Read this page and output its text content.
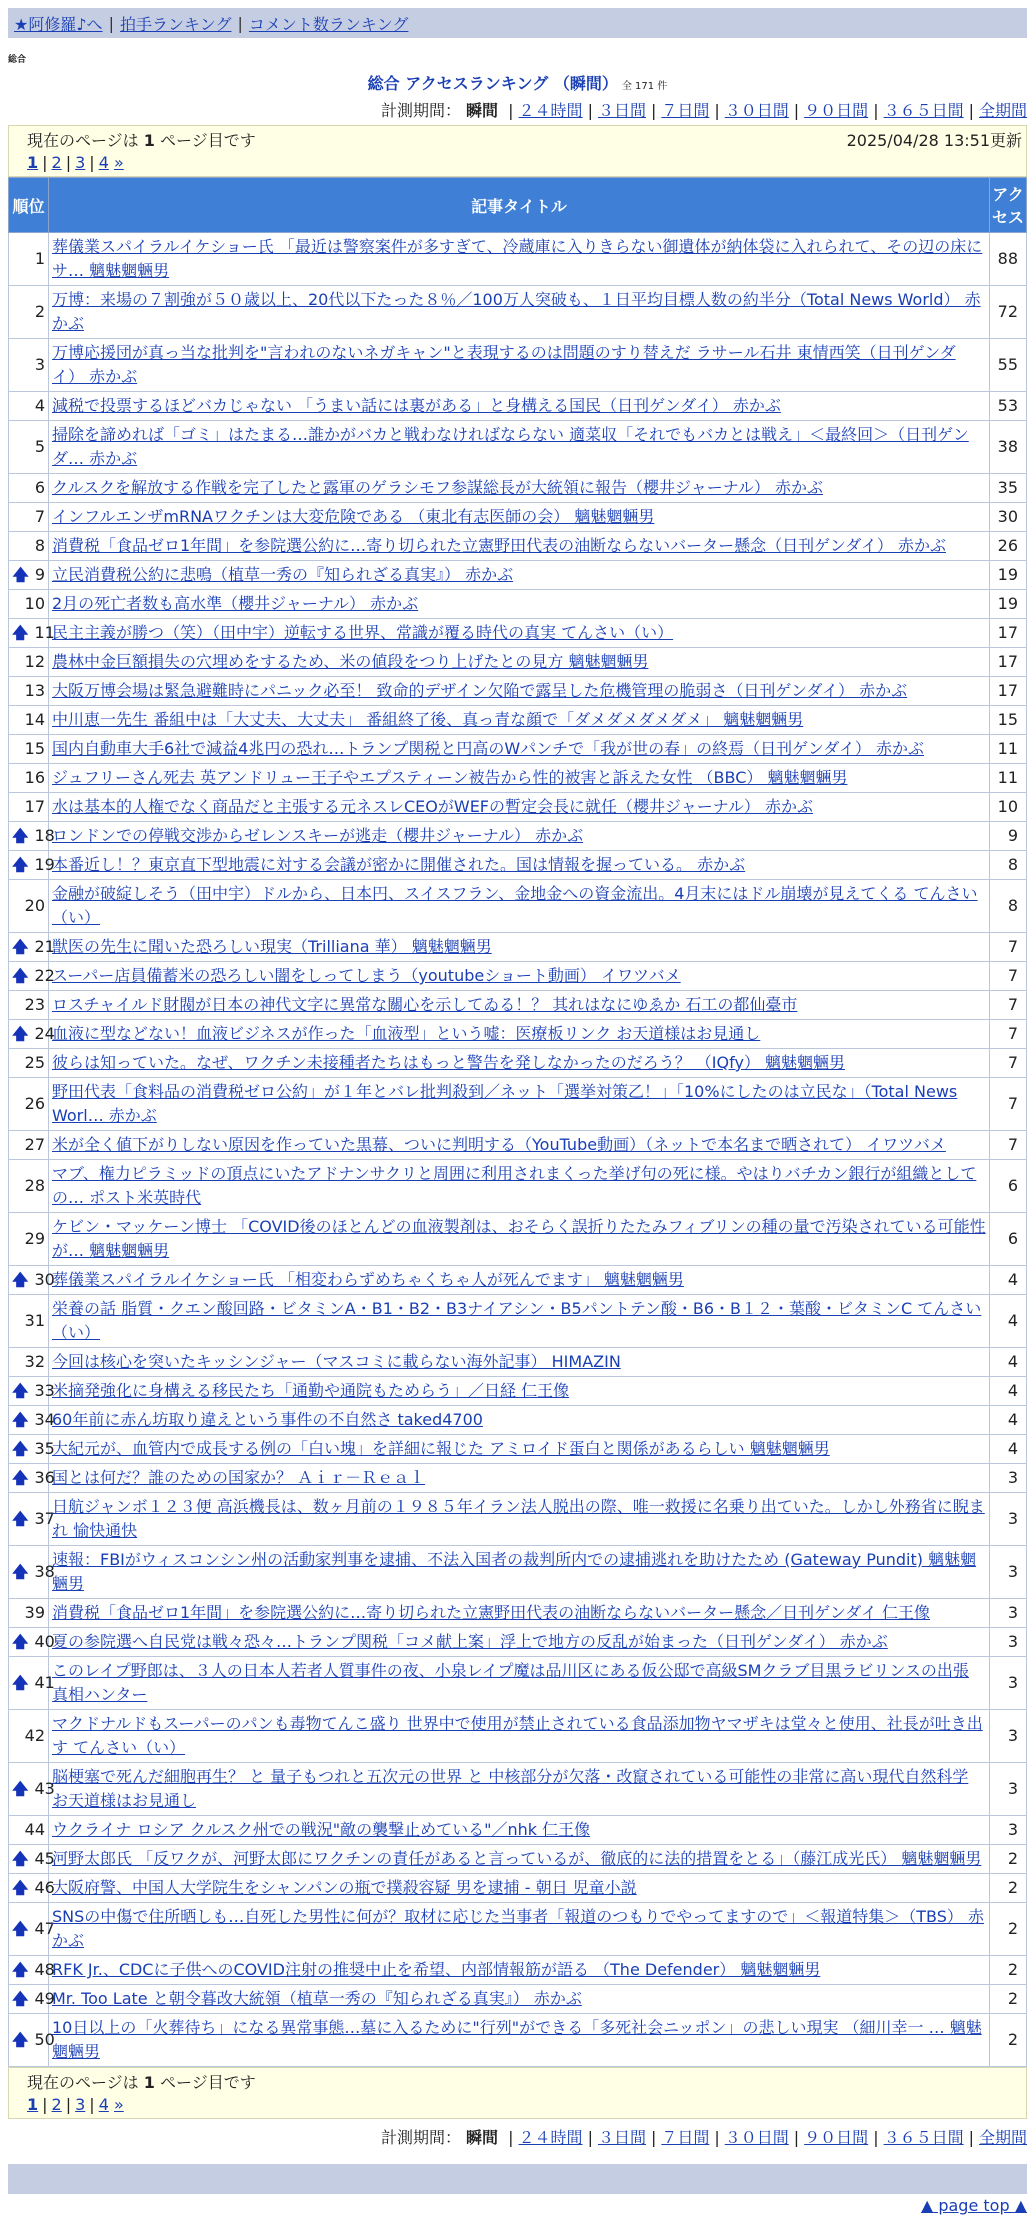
★阿修羅♪へ | 拍手ランキング | コメント数ランキング
総合
総合 アクセスランキング （瞬間） 全 171 件
計測期間： 瞬間 | ２４時間 | ３日間 | ７日間 | ３０日間 | ９０日間 | ３６５日間 | 全期間
現在のページは 1 ページ目です	2025/04/28 13:51更新
1 | 2 | 3 | 4 »
順位	記事タイトル	アクセス
1	葬儀業スパイラルイケショー氏 「最近は警察案件が多すぎて、冷蔵庫に入りきらない御遺体が納体袋に入れられて、その辺の床にサ… 魑魅魍魎男	88
2	万博：来場の７割強が５０歳以上、20代以下たった８％／100万人突破も、１日平均目標人数の約半分（Total News World） 赤かぶ	72
3	万博応援団が真っ当な批判を"言われのないネガキャン"と表現するのは問題のすり替えだ ラサール石井 東情西笑（日刊ゲンダイ） 赤かぶ	55
4	減税で投票するほどバカじゃない 「うまい話には裏がある」と身構える国民（日刊ゲンダイ） 赤かぶ	53
5	掃除を諦めれば「ゴミ」はたまる…誰かがバカと戦わなければならない 適菜収「それでもバカとは戦え」＜最終回＞（日刊ゲンダ… 赤かぶ	38
6	クルスクを解放する作戦を完了したと露軍のゲラシモフ参謀総長が大統領に報告（櫻井ジャーナル） 赤かぶ	35
7	インフルエンザmRNAワクチンは大変危険である （東北有志医師の会） 魑魅魍魎男	30
8	消費税「食品ゼロ1年間」を参院選公約に…寄り切られた立憲野田代表の油断ならないバーター懸念（日刊ゲンダイ） 赤かぶ	26
🡅 9	立民消費税公約に悲鳴（植草一秀の『知られざる真実』） 赤かぶ	19
10	2月の死亡者数も高水準（櫻井ジャーナル） 赤かぶ	19
🡅 11	民主主義が勝つ（笑）（田中宇）逆転する世界、常識が覆る時代の真実 てんさい（い）	17
12	農林中金巨額損失の穴埋めをするため、米の値段をつり上げたとの見方 魑魅魍魎男	17
13	大阪万博会場は緊急避難時にパニック必至！ 致命的デザイン欠陥で露呈した危機管理の脆弱さ（日刊ゲンダイ） 赤かぶ	17
14	中川恵一先生 番組中は「大丈夫、大丈夫」 番組終了後、真っ青な顔で「ダメダメダメダメ」 魑魅魍魎男	15
15	国内自動車大手6社で減益4兆円の恐れ…トランプ関税と円高のWパンチで「我が世の春」の終焉（日刊ゲンダイ） 赤かぶ	11
16	ジュフリーさん死去 英アンドリュー王子やエプスティーン被告から性的被害と訴えた女性 （BBC） 魑魅魍魎男	11
17	水は基本的人権でなく商品だと主張する元ネスレCEOがWEFの暫定会長に就任（櫻井ジャーナル） 赤かぶ	10
🡅 18	ロンドンでの停戦交渉からゼレンスキーが逃走（櫻井ジャーナル） 赤かぶ	9
🡅 19	本番近し！？東京直下型地震に対する会議が密かに開催された。国は情報を握っている。 赤かぶ	8
20	金融が破綻しそう（田中宇）ドルから、日本円、スイスフラン、金地金への資金流出。4月末にはドル崩壊が見えてくる てんさい（い）	8
🡅 21	獣医の先生に聞いた恐ろしい現実（Trilliana 華） 魑魅魍魎男	7
🡅 22	スーパー店員備蓄米の恐ろしい闇をしってしまう（youtubeショート動画） イワツバメ	7
23	ロスチャイルド財閥が日本の神代文字に異常な關心を示してゐる！？ 其れはなにゆゑか 石工の都仙臺市	7
🡅 24	血液に型などない！血液ビジネスが作った「血液型」という嘘：医療板リンク お天道様はお見通し	7
25	彼らは知っていた。なぜ、ワクチン未接種者たちはもっと警告を発しなかったのだろう？ （IQfy） 魑魅魍魎男	7
26	野田代表「食料品の消費税ゼロ公約」が１年とバレ批判殺到／ネット「選挙対策乙！」「10%にしたのは立民な」（Total News Worl… 赤かぶ	7
27	米が全く値下がりしない原因を作っていた黒幕、ついに判明する（YouTube動画）（ネットで本名まで晒されて） イワツバメ	7
28	マブ、権力ピラミッドの頂点にいたアドナンサクリと周囲に利用されまくった挙げ句の死に様。やはりバチカン銀行が組織としての… ポスト米英時代	6
29	ケビン・マッケーン博士 「COVID後のほとんどの血液製剤は、おそらく誤折りたたみフィブリンの種の量で汚染されている可能性が… 魑魅魍魎男	6
🡅 30	葬儀業スパイラルイケショー氏 「相変わらずめちゃくちゃ人が死んでます」 魑魅魍魎男	4
31	栄養の話 脂質・クエン酸回路・ビタミンA・B1・B2・B3ナイアシン・B5パントテン酸・B6・B１２・葉酸・ビタミンC てんさい（い）	4
32	今回は核心を突いたキッシンジャー（マスコミに載らない海外記事） HIMAZIN	4
🡅 33	米摘発強化に身構える移民たち「通勤や通院もためらう」／日経 仁王像	4
🡅 34	60年前に赤ん坊取り違えという事件の不自然さ taked4700	4
🡅 35	大紀元が、血管内で成長する例の「白い塊」を詳細に報じた アミロイド蛋白と関係があるらしい 魑魅魍魎男	4
🡅 36	国とは何だ？誰のための国家か？ Ａｉｒ－Ｒｅａｌ	3
🡅 37	日航ジャンボ１２３便 高浜機長は、数ヶ月前の１９８５年イラン法人脱出の際、唯一救援に名乗り出ていた。しかし外務省に睨まれ 愉快通快	3
🡅 38	速報：FBIがウィスコンシン州の活動家判事を逮捕、不法入国者の裁判所内での逮捕逃れを助けたため (Gateway Pundit) 魑魅魍魎男	3
39	消費税「食品ゼロ1年間」を参院選公約に…寄り切られた立憲野田代表の油断ならないバーター懸念／日刊ゲンダイ 仁王像	3
🡅 40	夏の参院選へ自民党は戦々恐々…トランプ関税「コメ献上案」浮上で地方の反乱が始まった（日刊ゲンダイ） 赤かぶ	3
🡅 41	このレイプ野郎は、３人の日本人若者人質事件の夜、小泉レイプ魔は品川区にある仮公邸で高級SMクラブ目黒ラビリンスの出張 真相ハンター	3
42	マクドナルドもスーパーのパンも毒物てんこ盛り 世界中で使用が禁止されている食品添加物ヤマザキは堂々と使用、社長が吐き出す てんさい（い）	3
🡅 43	脳梗塞で死んだ細胞再生？ と 量子もつれと五次元の世界 と 中核部分が欠落・改竄されている可能性の非常に高い現代自然科学 お天道様はお見通し	3
44	ウクライナ ロシア クルスク州での戦況"敵の襲撃止めている"／nhk 仁王像	3
🡅 45	河野太郎氏 「反ワクが、河野太郎にワクチンの責任があると言っているが、徹底的に法的措置をとる」（藤江成光氏） 魑魅魍魎男	2
🡅 46	大阪府警、中国人大学院生をシャンパンの瓶で撲殺容疑 男を逮捕 - 朝日 児童小説	2
🡅 47	SNSの中傷で住所晒しも…自死した男性に何が？取材に応じた当事者「報道のつもりでやってますので」＜報道特集＞（TBS） 赤かぶ	2
🡅 48	RFK Jr.、CDCに子供へのCOVID注射の推奨中止を希望、内部情報筋が語る （The Defender） 魑魅魍魎男	2
🡅 49	Mr. Too Late と朝令暮改大統領（植草一秀の『知られざる真実』） 赤かぶ	2
🡅 50	10日以上の「火葬待ち」になる異常事態…墓に入るために"行列"ができる「多死社会ニッポン」の悲しい現実 （細川幸一 … 魑魅魍魎男	2
現在のページは 1 ページ目です
1 | 2 | 3 | 4 »
計測期間： 瞬間 | ２４時間 | ３日間 | ７日間 | ３０日間 | ９０日間 | ３６５日間 | 全期間
▲ page top ▲
